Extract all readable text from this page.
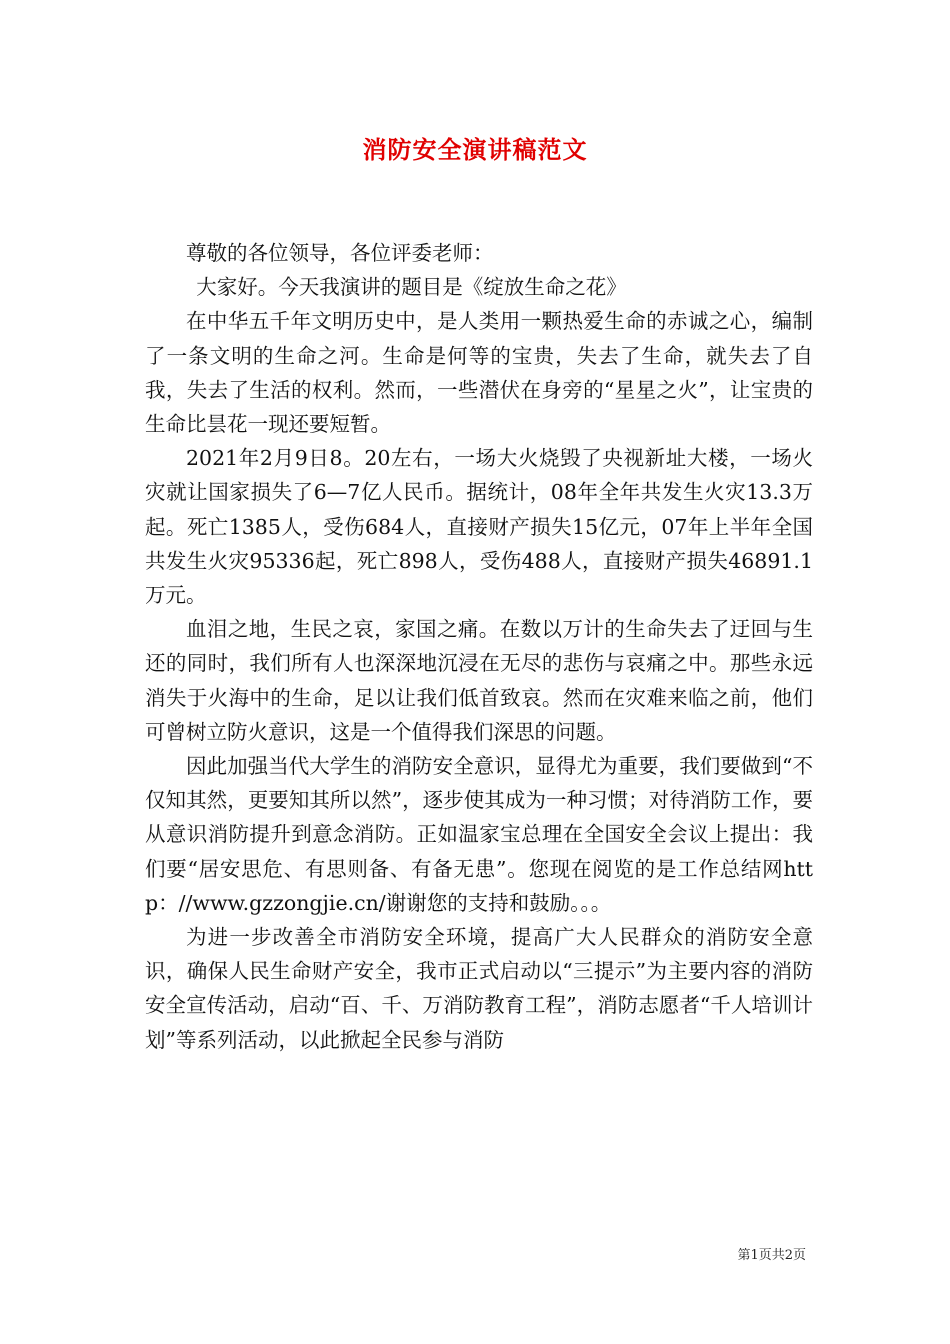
消防安全演讲稿范文

尊敬的各位领导，各位评委老师：

大家好。今天我演讲的题目是《绽放生命之花》

在中华五千年文明历史中，是人类用一颗热爱生命的赤诚之心，编制了一条文明的生命之河。生命是何等的宝贵，失去了生命，就失去了自我，失去了生活的权利。然而，一些潜伏在身旁的“星星之火”，让宝贵的生命比昙花一现还要短暂。

2021年2月9日8。20左右，一场大火烧毁了央视新址大楼，一场火灾就让国家损失了6—7亿人民币。据统计，08年全年共发生火灾13.3万起。死亡1385人，受伤684人，直接财产损失15亿元，07年上半年全国共发生火灾95336起，死亡898人，受伤488人，直接财产损失46891.1万元。

血泪之地，生民之哀，家国之痛。在数以万计的生命失去了迂回与生还的同时，我们所有人也深深地沉浸在无尽的悲伤与哀痛之中。那些永远消失于火海中的生命，足以让我们低首致哀。然而在灾难来临之前，他们可曾树立防火意识，这是一个值得我们深思的问题。

因此加强当代大学生的消防安全意识，显得尤为重要，我们要做到“不仅知其然，更要知其所以然”，逐步使其成为一种习惯；对待消防工作，要从意识消防提升到意念消防。正如温家宝总理在全国安全会议上提出：我们要“居安思危、有思则备、有备无患”。您现在阅览的是工作总结网http：//www.gzzongjie.cn/谢谢您的支持和鼓励。。。

为进一步改善全市消防安全环境，提高广大人民群众的消防安全意识，确保人民生命财产安全，我市正式启动以“三提示”为主要内容的消防安全宣传活动，启动“百、千、万消防教育工程”，消防志愿者“千人培训计划”等系列活动，以此掀起全民参与消防

第1页共2页
